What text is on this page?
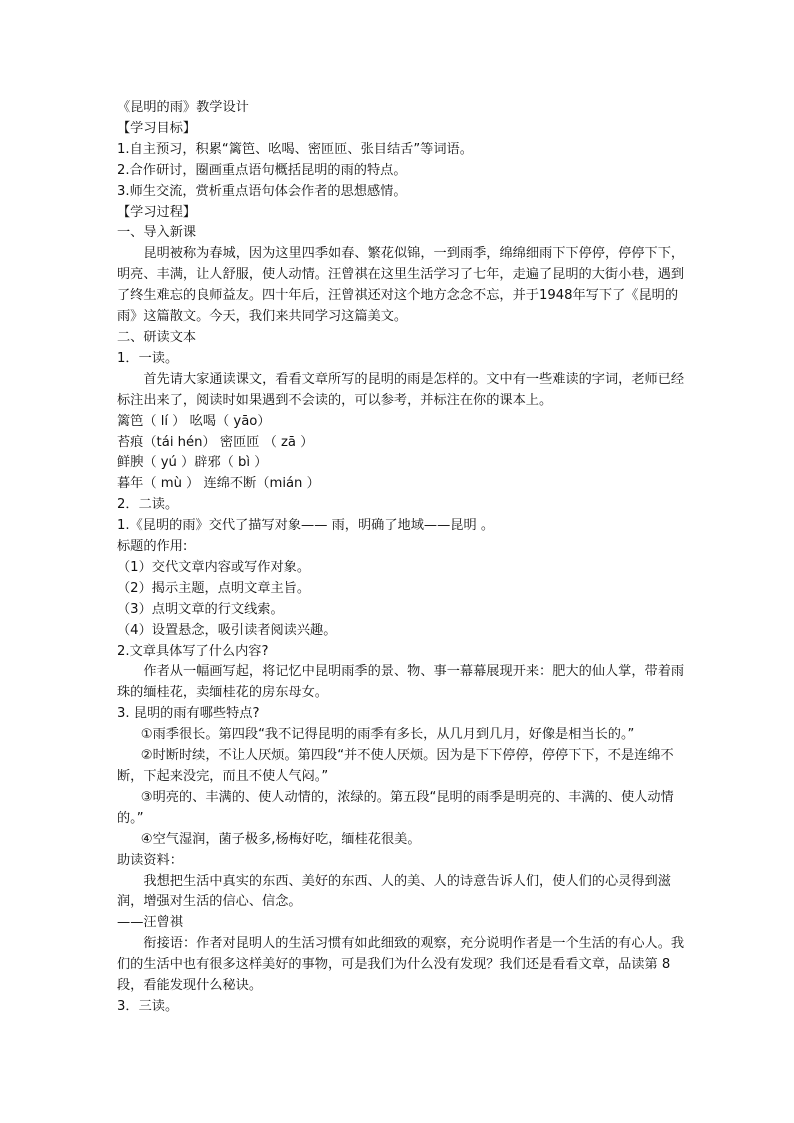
《昆明的雨》教学设计
【学习目标】
1.自主预习，积累“篱笆、吆喝、密匝匝、张目结舌”等词语。
2.合作研讨，圈画重点语句概括昆明的雨的特点。
3.师生交流，赏析重点语句体会作者的思想感情。
【学习过程】
一、导入新课
昆明被称为春城，因为这里四季如春、繁花似锦，一到雨季，绵绵细雨下下停停，停停下下，明亮、丰满，让人舒服，使人动情。汪曾祺在这里生活学习了七年，走遍了昆明的大街小巷，遇到了终生难忘的良师益友。四十年后，汪曾祺还对这个地方念念不忘，并于1948年写下了《昆明的雨》这篇散文。今天，我们来共同学习这篇美文。
二、研读文本
1．一读。
首先请大家通读课文，看看文章所写的昆明的雨是怎样的。文中有一些难读的字词，老师已经标注出来了，阅读时如果遇到不会读的，可以参考，并标注在你的课本上。
篱笆（ lí ） 吆喝（ yāo）
苔痕（tái hén） 密匝匝 （ zā ）
鲜腴（ yú ）辟邪（ bì ）
暮年（ mù ） 连绵不断（mián ）
2．二读。
1.《昆明的雨》交代了描写对象—— 雨，明确了地域——昆明 。
标题的作用:
（1）交代文章内容或写作对象。
（2）揭示主题，点明文章主旨。
（3）点明文章的行文线索。
（4）设置悬念，吸引读者阅读兴趣。
2.文章具体写了什么内容?
作者从一幅画写起，将记忆中昆明雨季的景、物、事一幕幕展现开来：肥大的仙人掌，带着雨珠的缅桂花，卖缅桂花的房东母女。
3. 昆明的雨有哪些特点?
①雨季很长。第四段“我不记得昆明的雨季有多长，从几月到几月，好像是相当长的。”
②时断时续，不让人厌烦。第四段“并不使人厌烦。因为是下下停停，停停下下，不是连绵不断，下起来没完，而且不使人气闷。”
③明亮的、丰满的、使人动情的，浓绿的。第五段“昆明的雨季是明亮的、丰满的、使人动情的。”
④空气湿润，菌子极多,杨梅好吃，缅桂花很美。
助读资料：
我想把生活中真实的东西、美好的东西、人的美、人的诗意告诉人们，使人们的心灵得到滋润，增强对生活的信心、信念。
——汪曾祺
衔接语：作者对昆明人的生活习惯有如此细致的观察，充分说明作者是一个生活的有心人。我们的生活中也有很多这样美好的事物，可是我们为什么没有发现？我们还是看看文章，品读第 8段，看能发现什么秘诀。
3．三读。
